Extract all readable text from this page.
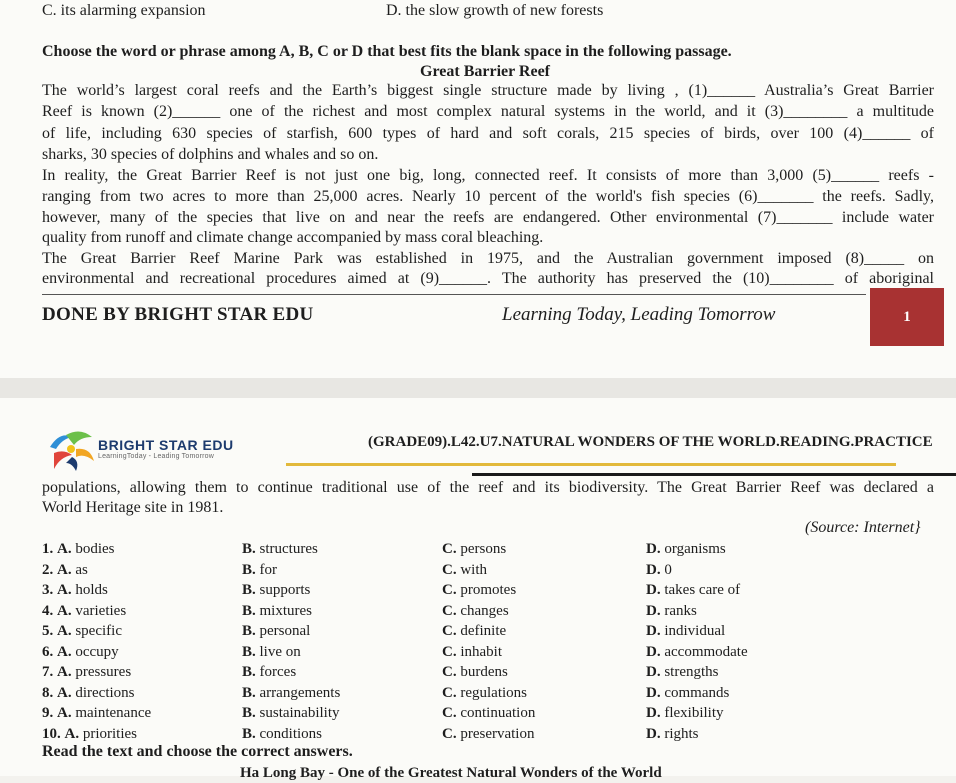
C. its alarming expansion	D. the slow growth of new forests
Choose the word or phrase among A, B, C or D that best fits the blank space in the following passage.
Great Barrier Reef
The world’s largest coral reefs and the Earth’s biggest single structure made by living , (1)______ Australia’s Great Barrier
Reef is known (2)______ one of the richest and most complex natural systems in the world, and it (3)________ a multitude
of life, including 630 species of starfish, 600 types of hard and soft corals, 215 species of birds, over 100 (4)______ of
sharks, 30 species of dolphins and whales and so on.
In reality, the Great Barrier Reef is not just one big, long, connected reef. It consists of more than 3,000 (5)______ reefs -
ranging from two acres to more than 25,000 acres. Nearly 10 percent of the world's fish species (6)_______ the reefs. Sadly,
however, many of the species that live on and near the reefs are endangered. Other environmental (7)_______ include water
quality from runoff and climate change accompanied by mass coral bleaching.
The Great Barrier Reef Marine Park was established in 1975, and the Australian government imposed (8)_____ on
environmental and recreational procedures aimed at (9)______. The authority has preserved the (10)________ of aboriginal
DONE BY BRIGHT STAR EDU	Learning Today, Leading Tomorrow	1
BRIGHT STAR EDU
LearningToday - Leading Tomorrow
(GRADE09).L42.U7.NATURAL WONDERS OF THE WORLD.READING.PRACTICE
populations, allowing them to continue traditional use of the reef and its biodiversity. The Great Barrier Reef was declared a
World Heritage site in 1981.
(Source: Internet}
1. A. bodies	B. structures	C. persons	D. organisms
2. A. as	B. for	C. with	D. 0
3. A. holds	B. supports	C. promotes	D. takes care of
4. A. varieties	B. mixtures	C. changes	D. ranks
5. A. specific	B. personal	C. definite	D. individual
6. A. occupy	B. live on	C. inhabit	D. accommodate
7. A. pressures	B. forces	C. burdens	D. strengths
8. A. directions	B. arrangements	C. regulations	D. commands
9. A. maintenance	B. sustainability	C. continuation	D. flexibility
10. A. priorities	B. conditions	C. preservation	D. rights
Read the text and choose the correct answers.
Ha Long Bay - One of the Greatest Natural Wonders of the World
